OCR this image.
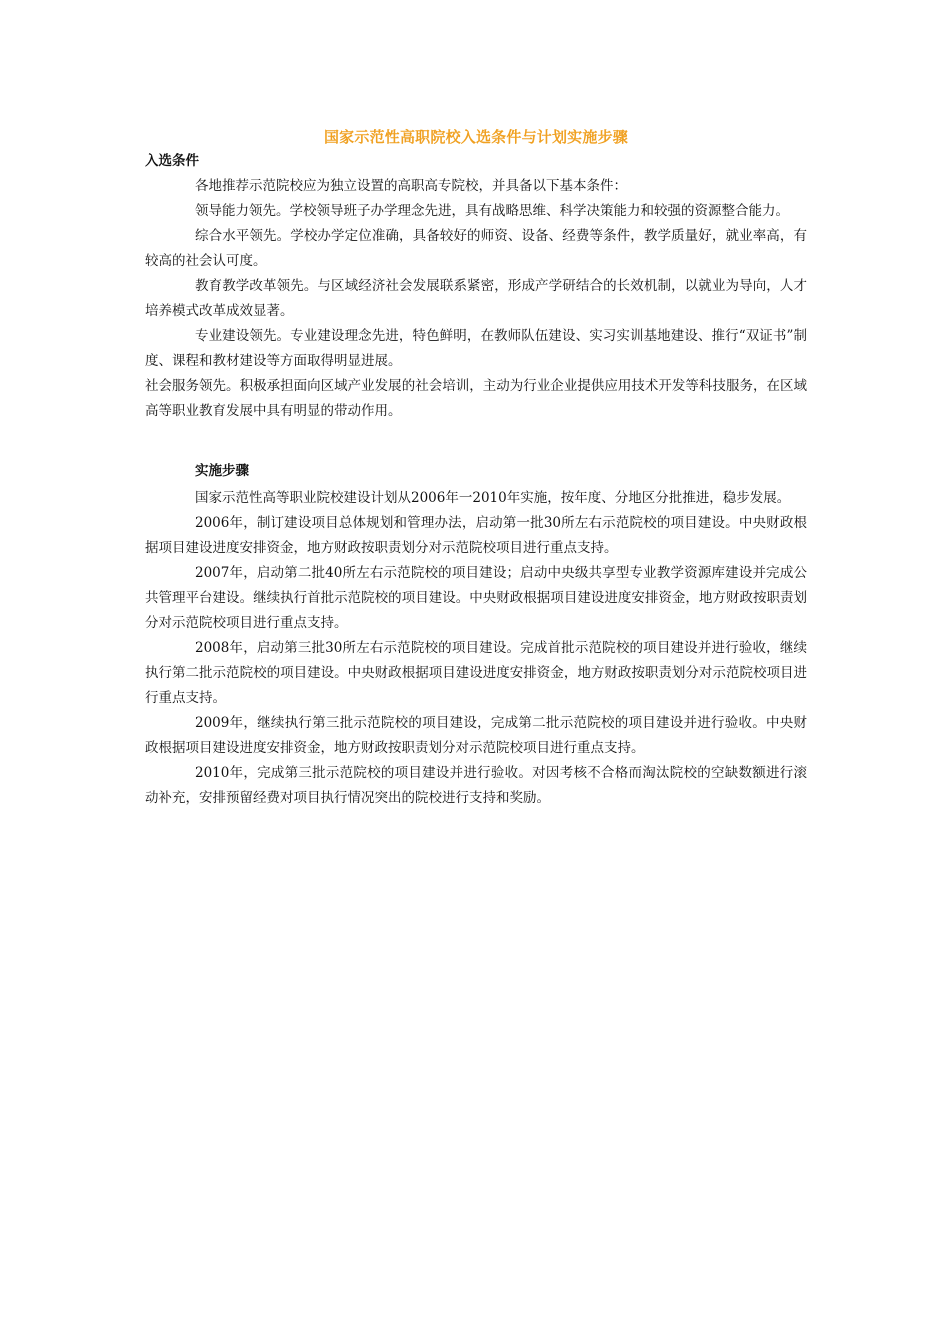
国家示范性高职院校入选条件与计划实施步骤
入选条件

各地推荐示范院校应为独立设置的高职高专院校，并具备以下基本条件：

领导能力领先。学校领导班子办学理念先进，具有战略思维、科学决策能力和较强的资源整合能力。

综合水平领先。学校办学定位准确，具备较好的师资、设备、经费等条件，教学质量好，就业率高，有较高的社会认可度。

教育教学改革领先。与区域经济社会发展联系紧密，形成产学研结合的长效机制，以就业为导向，人才培养模式改革成效显著。

专业建设领先。专业建设理念先进，特色鲜明，在教师队伍建设、实习实训基地建设、推行“双证书”制度、课程和教材建设等方面取得明显进展。

社会服务领先。积极承担面向区域产业发展的社会培训，主动为行业企业提供应用技术开发等科技服务，在区域高等职业教育发展中具有明显的带动作用。

实施步骤

国家示范性高等职业院校建设计划从2006年一2010年实施，按年度、分地区分批推进，稳步发展。

2006年，制订建设项目总体规划和管理办法，启动第一批30所左右示范院校的项目建设。中央财政根据项目建设进度安排资金，地方财政按职责划分对示范院校项目进行重点支持。

2007年，启动第二批40所左右示范院校的项目建设；启动中央级共享型专业教学资源库建设并完成公共管理平台建设。继续执行首批示范院校的项目建设。中央财政根据项目建设进度安排资金，地方财政按职责划分对示范院校项目进行重点支持。

2008年，启动第三批30所左右示范院校的项目建设。完成首批示范院校的项目建设并进行验收，继续执行第二批示范院校的项目建设。中央财政根据项目建设进度安排资金，地方财政按职责划分对示范院校项目进行重点支持。

2009年，继续执行第三批示范院校的项目建设，完成第二批示范院校的项目建设并进行验收。中央财政根据项目建设进度安排资金，地方财政按职责划分对示范院校项目进行重点支持。

2010年，完成第三批示范院校的项目建设并进行验收。对因考核不合格而淘汰院校的空缺数额进行滚动补充，安排预留经费对项目执行情况突出的院校进行支持和奖励。
